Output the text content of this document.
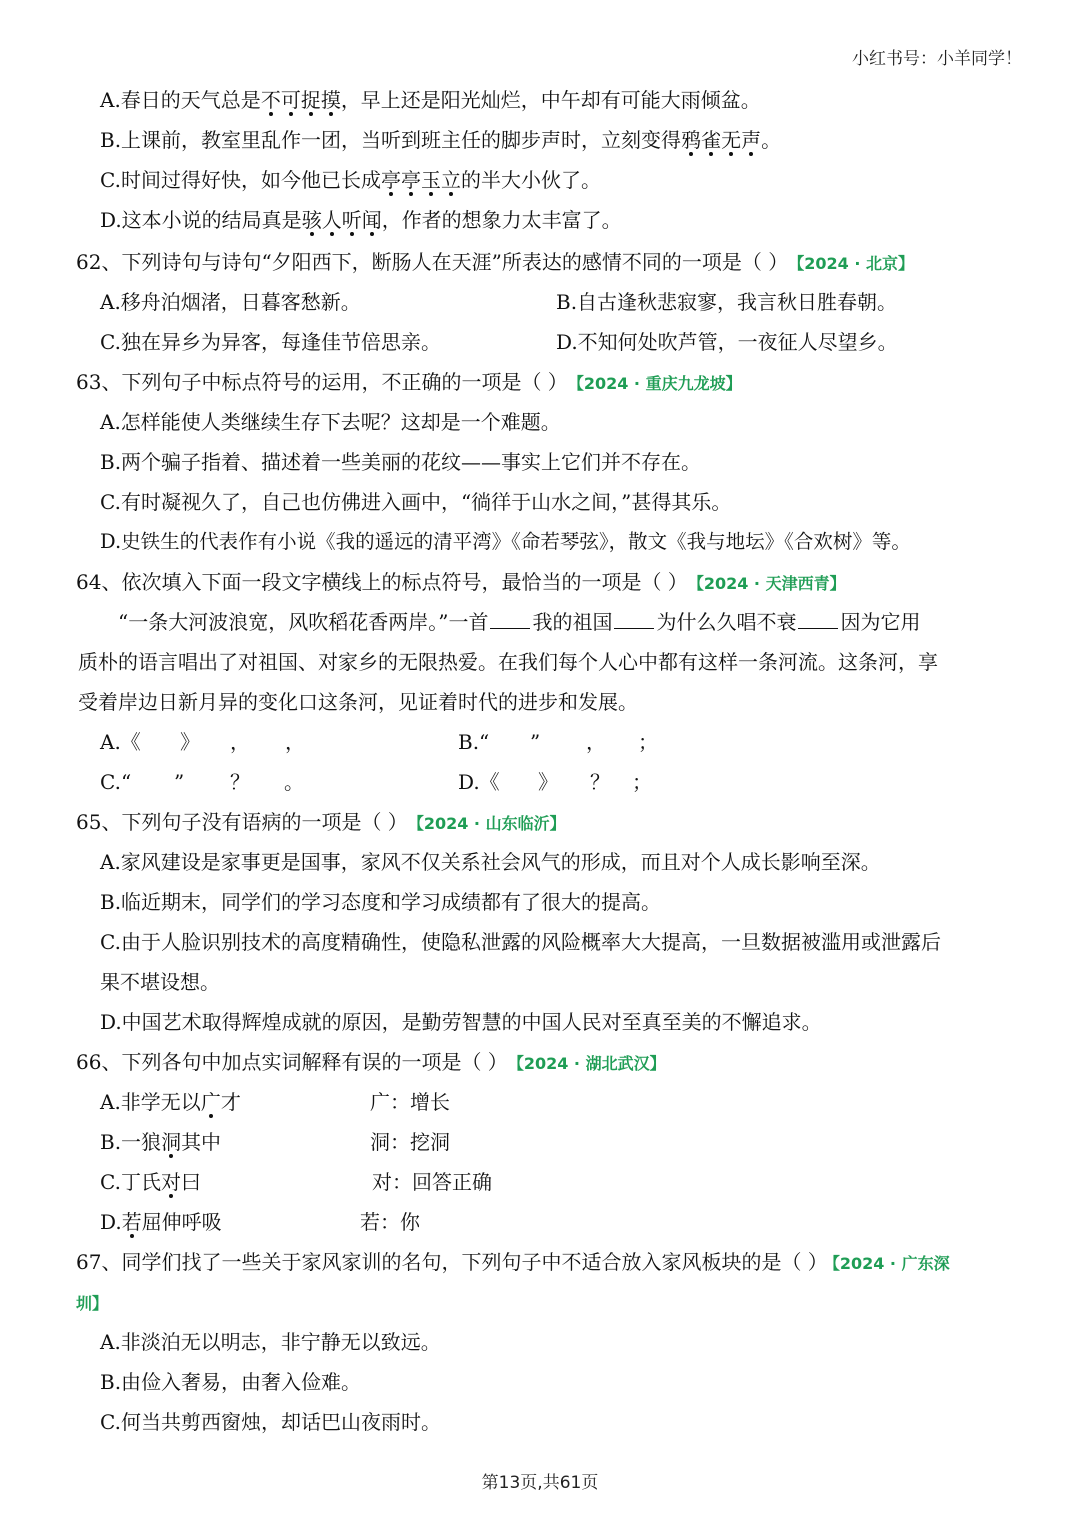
小红书号：小羊同学！
A.春日的天气总是不可捉摸，早上还是阳光灿烂，中午却有可能大雨倾盆。
B.上课前，教室里乱作一团，当听到班主任的脚步声时，立刻变得鸦雀无声。
C.时间过得好快，如今他已长成亭亭玉立的半大小伙了。
D.这本小说的结局真是骇人听闻，作者的想象力太丰富了。
62、下列诗句与诗句“夕阳西下，断肠人在天涯”所表达的感情不同的一项是（ ） 【2024 · 北京】
A.移舟泊烟渚，日暮客愁新。	B.自古逢秋悲寂寥，我言秋日胜春朝。
C.独在异乡为异客，每逢佳节倍思亲。	D.不知何处吹芦管，一夜征人尽望乡。
63、下列句子中标点符号的运用，不正确的一项是（ ） 【2024 · 重庆九龙坡】
A.怎样能使人类继续生存下去呢？这却是一个难题。
B.两个骗子指着、描述着一些美丽的花纹——事实上它们并不存在。
C.有时凝视久了，自己也仿佛进入画中，“徜徉于山水之间，”甚得其乐。
D.史铁生的代表作有小说《我的遥远的清平湾》《命若琴弦》，散文《我与地坛》《合欢树》等。
64、依次填入下面一段文字横线上的标点符号，最恰当的一项是（ ） 【2024 · 天津西青】
“一条大河波浪宽，风吹稻花香两岸。”一首 我的祖国 为什么久唱不衰 因为它用
质朴的语言唱出了对祖国、对家乡的无限热爱。在我们每个人心中都有这样一条河流。这条河，享
受着岸边日新月异的变化口这条河，见证着时代的进步和发展。
A.《 》 ， ，	B.“ ” ， ；
C.“ ” ？ 。	D.《 》 ？ ；
65、下列句子没有语病的一项是（ ） 【2024 · 山东临沂】
A.家风建设是家事更是国事，家风不仅关系社会风气的形成，而且对个人成长影响至深。
B.临近期末，同学们的学习态度和学习成绩都有了很大的提高。
C.由于人脸识别技术的高度精确性，使隐私泄露的风险概率大大提高，一旦数据被滥用或泄露后
果不堪设想。
D.中国艺术取得辉煌成就的原因，是勤劳智慧的中国人民对至真至美的不懈追求。
66、下列各句中加点实词解释有误的一项是（ ） 【2024 · 湖北武汉】
A.非学无以广才	广：增长
B.一狼洞其中	洞：挖洞
C.丁氏对曰	对：回答正确
D.若屈伸呼吸	若：你
67、同学们找了一些关于家风家训的名句，下列句子中不适合放入家风板块的是（ ） 【2024 · 广东深
圳】
A.非淡泊无以明志，非宁静无以致远。
B.由俭入奢易，由奢入俭难。
C.何当共剪西窗烛，却话巴山夜雨时。
第13页,共61页
